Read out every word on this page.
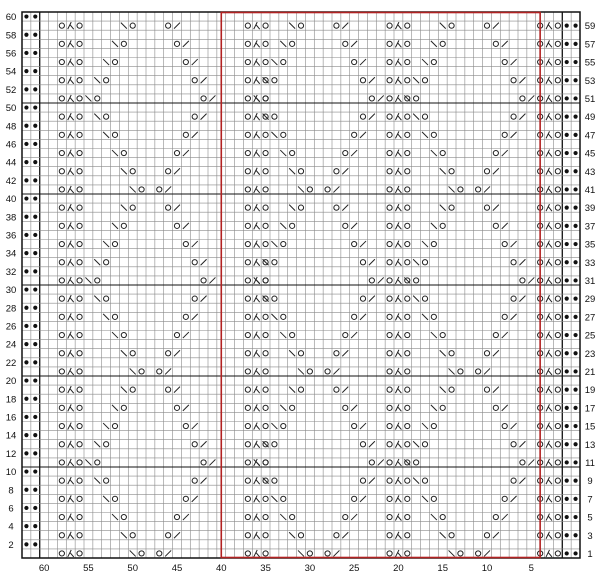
2
4
6
8
10
12
14
16
18
20
22
24
26
28
30
32
34
36
38
40
42
44
46
48
50
52
54
56
58
60
1
3
5
7
9
11
13
15
17
19
21
23
25
27
29
31
33
35
37
39
41
43
45
47
49
51
53
55
57
59
5
10
15
20
25
30
35
40
45
50
55
60
